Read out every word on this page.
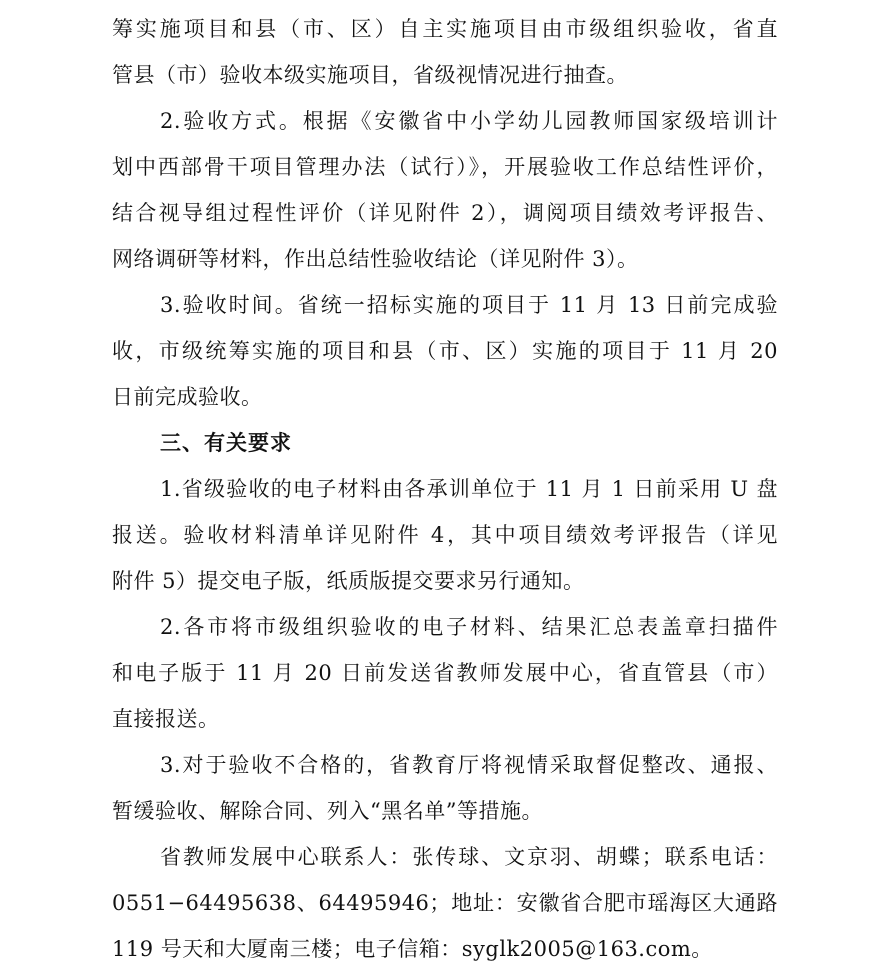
筹实施项目和县（市、区）自主实施项目由市级组织验收，省直
管县（市）验收本级实施项目，省级视情况进行抽查。
2.验收方式。根据《安徽省中小学幼儿园教师国家级培训计
划中西部骨干项目管理办法（试行）》，开展验收工作总结性评价，
结合视导组过程性评价（详见附件 2），调阅项目绩效考评报告、
网络调研等材料，作出总结性验收结论（详见附件 3）。
3.验收时间。省统一招标实施的项目于 11 月 13 日前完成验
收，市级统筹实施的项目和县（市、区）实施的项目于 11 月 20
日前完成验收。
三、有关要求
1.省级验收的电子材料由各承训单位于 11 月 1 日前采用 U 盘
报送。验收材料清单详见附件 4，其中项目绩效考评报告（详见
附件 5）提交电子版，纸质版提交要求另行通知。
2.各市将市级组织验收的电子材料、结果汇总表盖章扫描件
和电子版于 11 月 20 日前发送省教师发展中心，省直管县（市）
直接报送。
3.对于验收不合格的，省教育厅将视情采取督促整改、通报、
暂缓验收、解除合同、列入“黑名单”等措施。
省教师发展中心联系人：张传球、文京羽、胡蝶；联系电话：
0551−64495638、64495946；地址：安徽省合肥市瑶海区大通路
119 号天和大厦南三楼；电子信箱：syglk2005@163.com。
